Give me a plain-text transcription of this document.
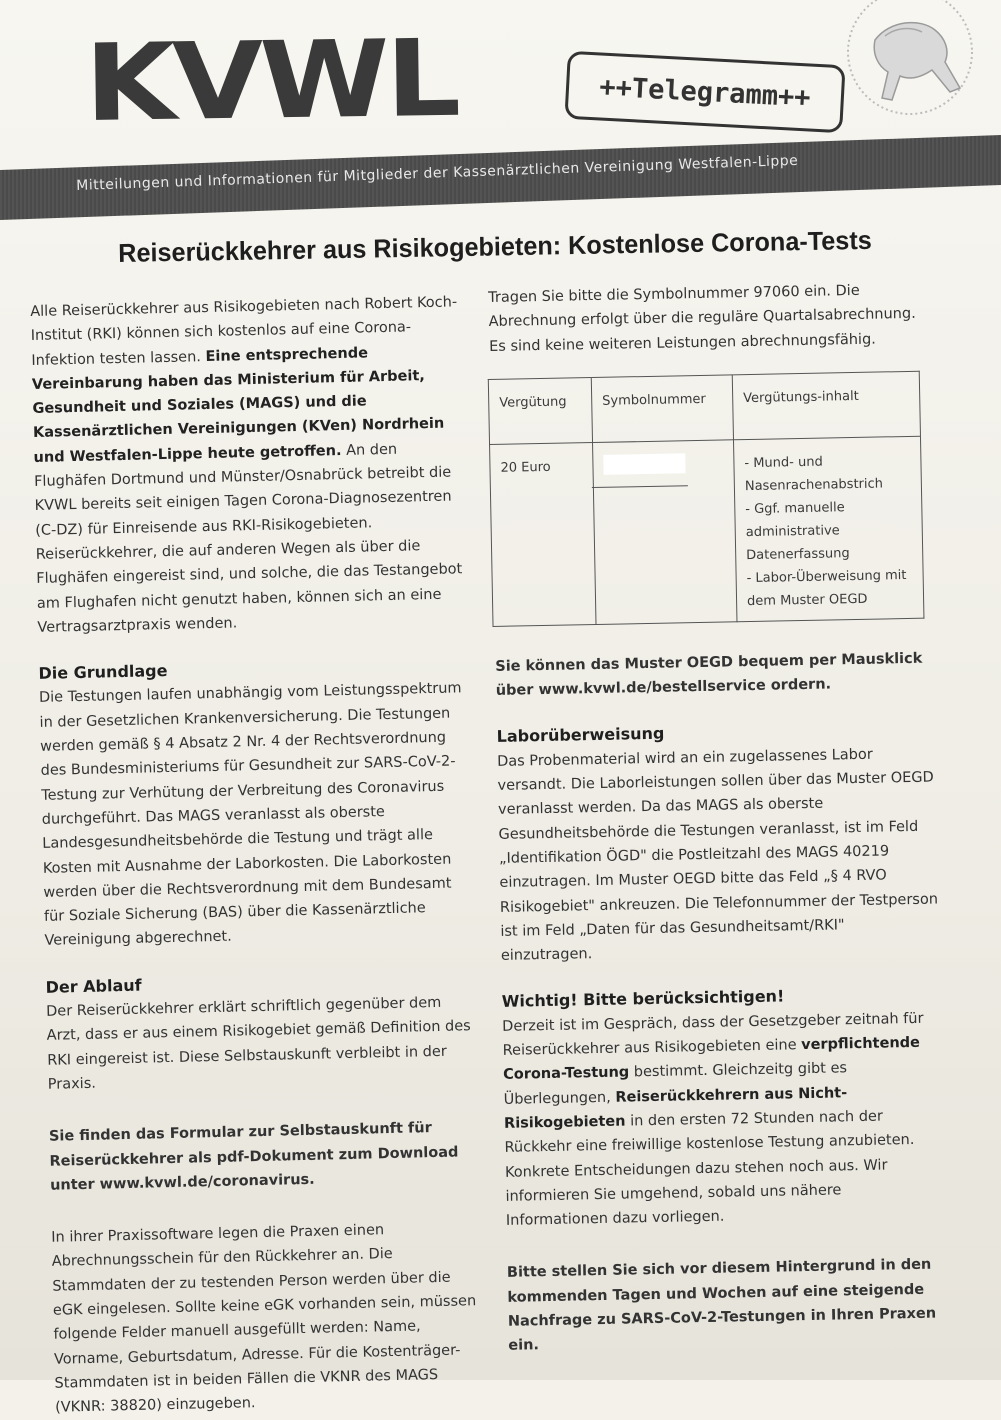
KVWL	++Telegramm++
Mitteilungen und Informationen für Mitglieder der Kassenärztlichen Vereinigung Westfalen-Lippe
Reiserückkehrer aus Risikogebieten: Kostenlose Corona-Tests

Alle Reiserückkehrer aus Risikogebieten nach Robert Koch-Institut (RKI) können sich kostenlos auf eine Corona-Infektion testen lassen. Eine entsprechende Vereinbarung haben das Ministerium für Arbeit, Gesundheit und Soziales (MAGS) und die Kassenärztlichen Vereinigungen (KVen) Nordrhein und Westfalen-Lippe heute getroffen. An den Flughäfen Dortmund und Münster/Osnabrück betreibt die KVWL bereits seit einigen Tagen Corona-Diagnosezentren (C-DZ) für Einreisende aus RKI-Risikogebieten. Reiserückkehrer, die auf anderen Wegen als über die Flughäfen eingereist sind, und solche, die das Testangebot am Flughafen nicht genutzt haben, können sich an eine Vertragsarztpraxis wenden.

Die Grundlage

Die Testungen laufen unabhängig vom Leistungsspektrum in der Gesetzlichen Krankenversicherung. Die Testungen werden gemäß § 4 Absatz 2 Nr. 4 der Rechtsverordnung des Bundesministeriums für Gesundheit zur SARS-CoV-2-Testung zur Verhütung der Verbreitung des Coronavirus durchgeführt. Das MAGS veranlasst als oberste Landesgesundheitsbehörde die Testung und trägt alle Kosten mit Ausnahme der Laborkosten. Die Laborkosten werden über die Rechtsverordnung mit dem Bundesamt für Soziale Sicherung (BAS) über die Kassenärztliche Vereinigung abgerechnet.

Der Ablauf

Der Reiserückkehrer erklärt schriftlich gegenüber dem Arzt, dass er aus einem Risikogebiet gemäß Definition des RKI eingereist ist. Diese Selbstauskunft verbleibt in der Praxis.

Sie finden das Formular zur Selbstauskunft für Reiserückkehrer als pdf-Dokument zum Download unter www.kvwl.de/coronavirus.

In ihrer Praxissoftware legen die Praxen einen Abrechnungsschein für den Rückkehrer an. Die Stammdaten der zu testenden Person werden über die eGK eingelesen. Sollte keine eGK vorhanden sein, müssen folgende Felder manuell ausgefüllt werden: Name, Vorname, Geburtsdatum, Adresse. Für die Kostenträger-Stammdaten ist in beiden Fällen die VKNR des MAGS (VKNR: 38820) einzugeben.

Tragen Sie bitte die Symbolnummer 97060 ein. Die Abrechnung erfolgt über die reguläre Quartalsabrechnung. Es sind keine weiteren Leistungen abrechnungsfähig.

Vergütung	Symbolnummer	Vergütungs-inhalt
20 Euro		- Mund- und Nasenrachenabstrich
- Ggf. manuelle administrative Datenerfassung
- Labor-Überweisung mit dem Muster OEGD

Sie können das Muster OEGD bequem per Mausklick über www.kvwl.de/bestellservice ordern.

Laborüberweisung

Das Probenmaterial wird an ein zugelassenes Labor versandt. Die Laborleistungen sollen über das Muster OEGD veranlasst werden. Da das MAGS als oberste Gesundheitsbehörde die Testungen veranlasst, ist im Feld „Identifikation ÖGD" die Postleitzahl des MAGS 40219 einzutragen. Im Muster OEGD bitte das Feld „§ 4 RVO Risikogebiet" ankreuzen. Die Telefonnummer der Testperson ist im Feld „Daten für das Gesundheitsamt/RKI" einzutragen.

Wichtig! Bitte berücksichtigen!

Derzeit ist im Gespräch, dass der Gesetzgeber zeitnah für Reiserückkehrer aus Risikogebieten eine verpflichtende Corona-Testung bestimmt. Gleichzeitg gibt es Überlegungen, Reiserückkehrern aus Nicht-Risikogebieten in den ersten 72 Stunden nach der Rückkehr eine freiwillige kostenlose Testung anzubieten. Konkrete Entscheidungen dazu stehen noch aus. Wir informieren Sie umgehend, sobald uns nähere Informationen dazu vorliegen.

Bitte stellen Sie sich vor diesem Hintergrund in den kommenden Tagen und Wochen auf eine steigende Nachfrage zu SARS-CoV-2-Testungen in Ihren Praxen ein.
